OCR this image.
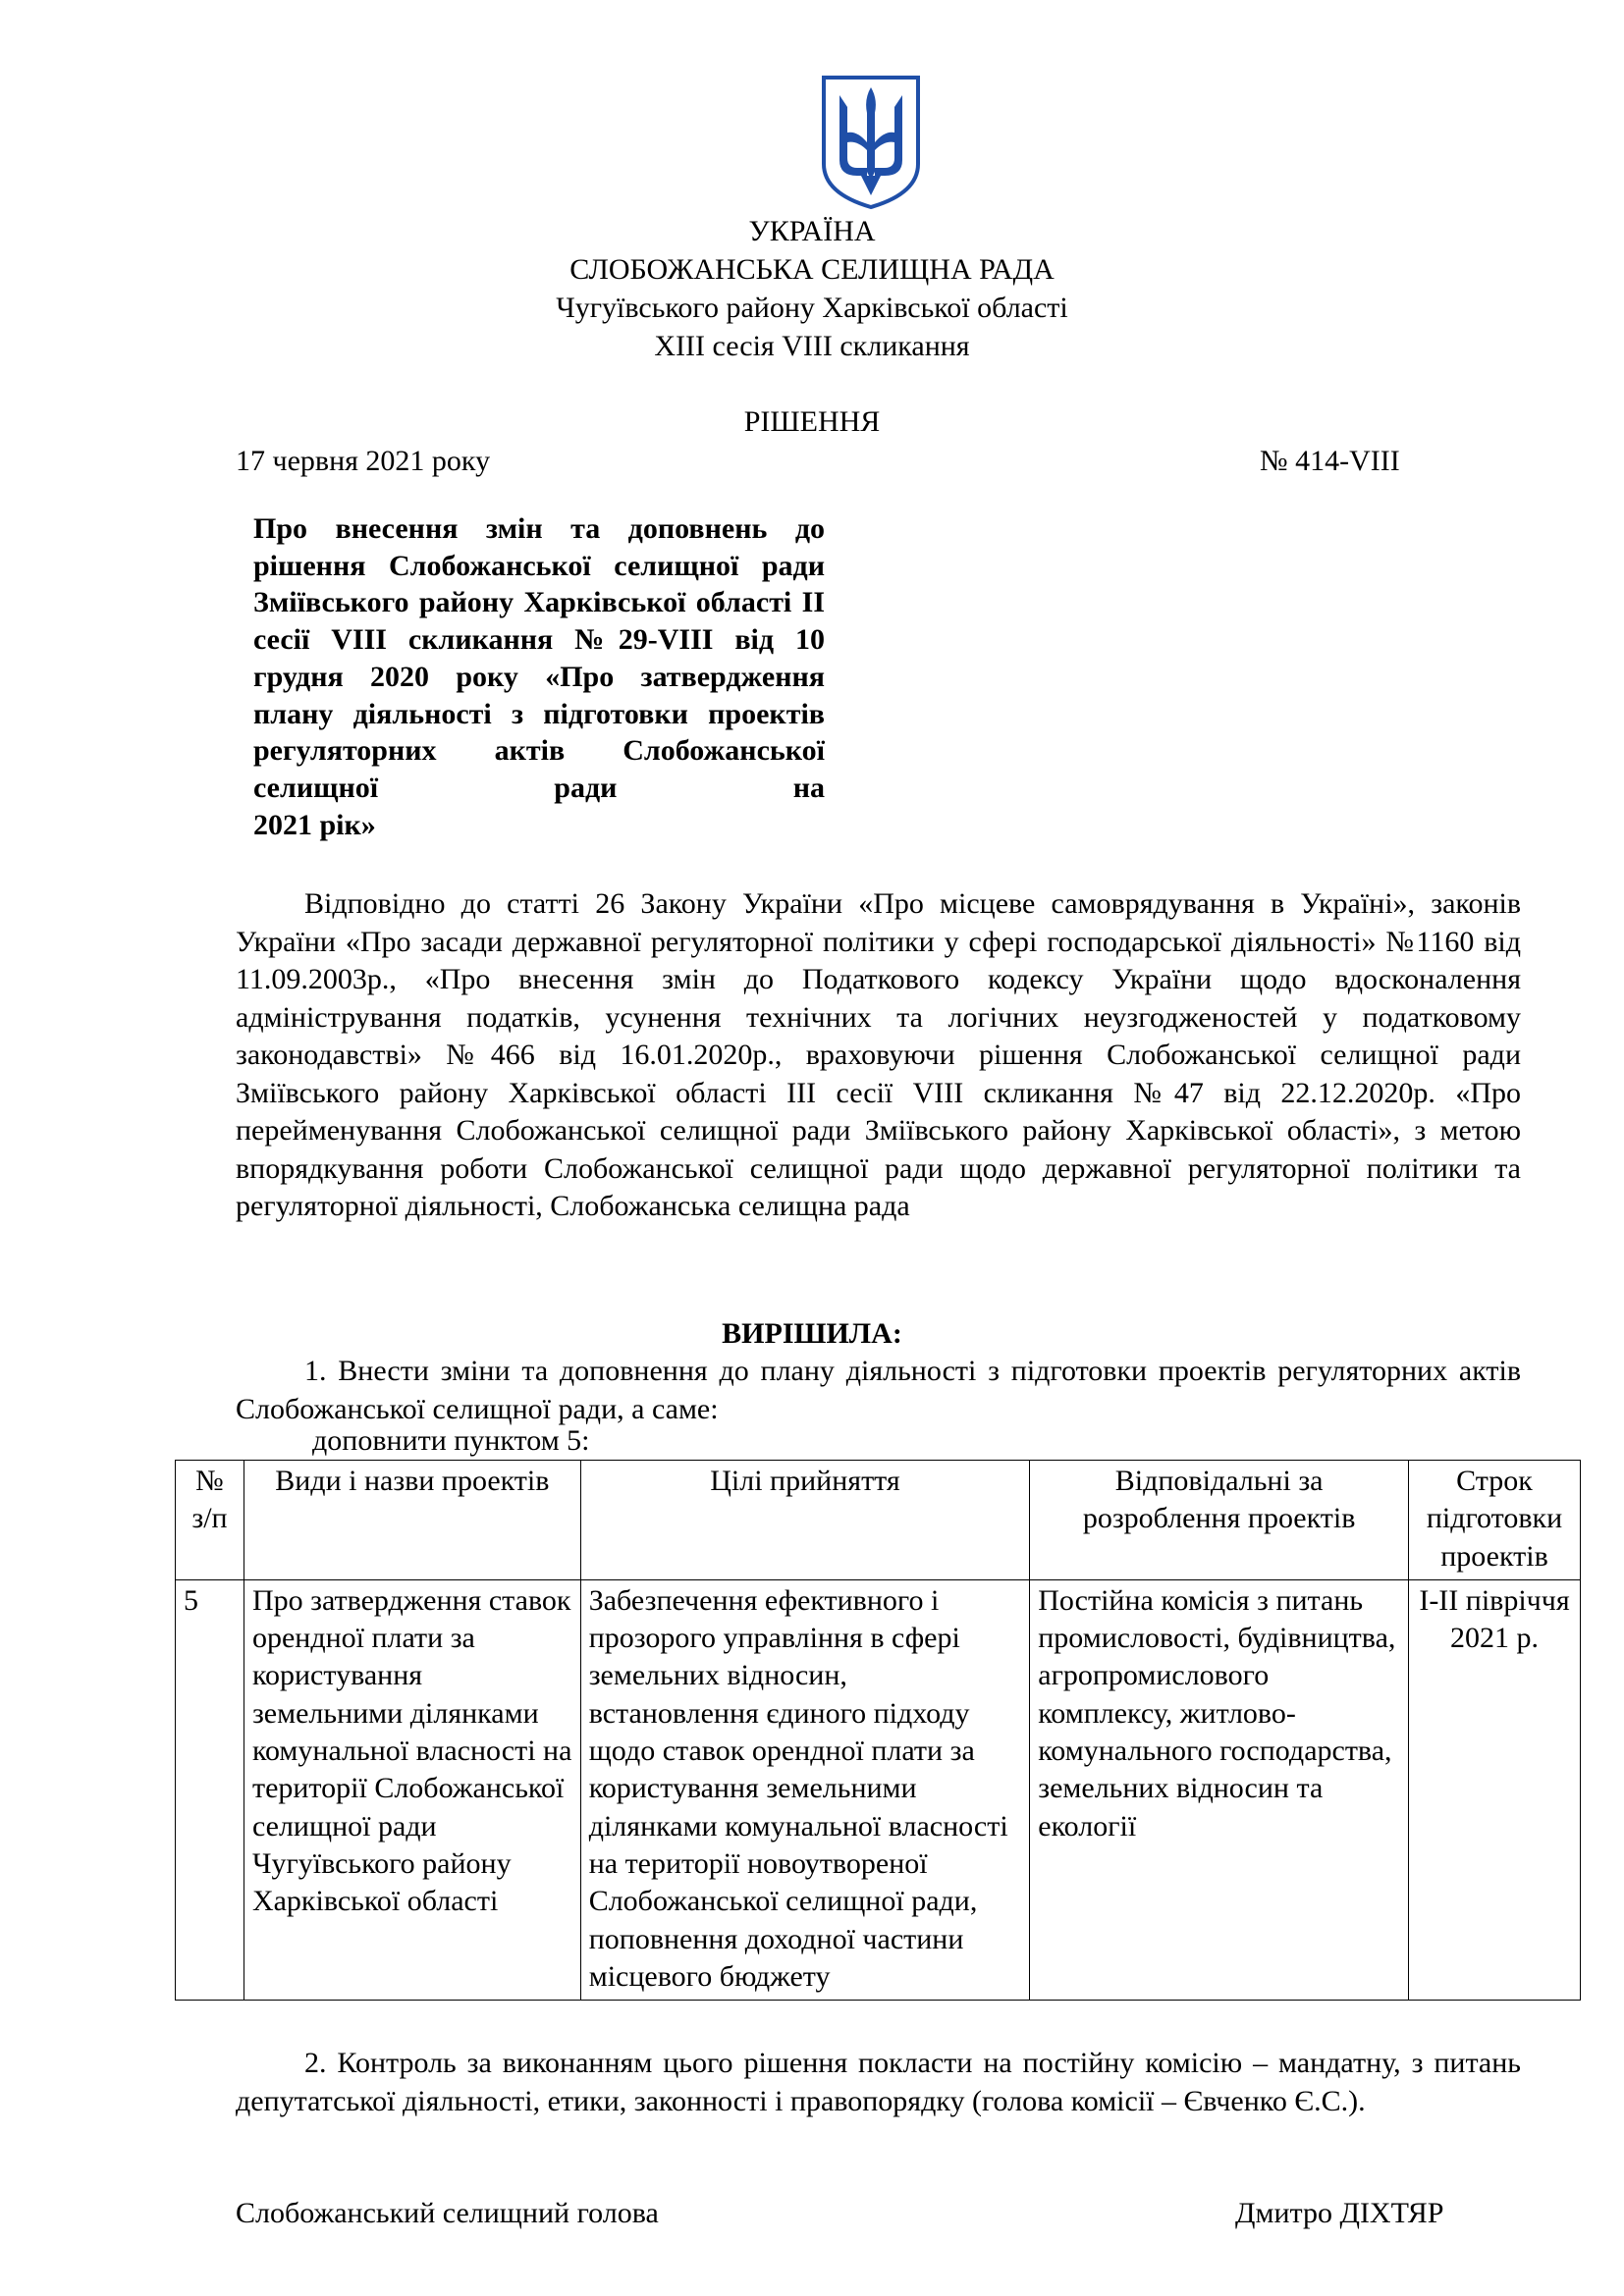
УКРАЇНА
СЛОБОЖАНСЬКА СЕЛИЩНА РАДА
Чугуївського району Харківської області
ХІІІ сесія VIIІ скликання
РІШЕННЯ
17 червня 2021 року	№ 414-VIII
Про внесення змін та доповнень до рішення Слобожанської селищної ради Зміївського району Харківської області ІІ сесії VIII скликання №29-VIII від 10 грудня 2020 року «Про затвердження плану діяльності з підготовки проектів регуляторних актів Слобожанської селищної ради на
2021 рік»
Відповідно до статті 26 Закону України «Про місцеве самоврядування в Україні», законів України «Про засади державної регуляторної політики у сфері господарської діяльності» №1160 від 11.09.2003р., «Про внесення змін до Податкового кодексу України щодо вдосконалення адміністрування податків, усунення технічних та логічних неузгодженостей у податковому законодавстві» №466 від 16.01.2020р., враховуючи рішення Слобожанської селищної ради Зміївського району Харківської області ІІІ сесії VIII скликання №47 від 22.12.2020р. «Про перейменування Слобожанської селищної ради Зміївського району Харківської області», з метою впорядкування роботи Слобожанської селищної ради щодо державної регуляторної політики та регуляторної діяльності, Слобожанська селищна рада
ВИРІШИЛА:
1. Внести зміни та доповнення до плану діяльності з підготовки проектів регуляторних актів Слобожанської селищної ради, а саме:
доповнити пунктом 5:
№ з/п	Види і назви проектів	Цілі прийняття	Відповідальні за розроблення проектів	Строк підготовки проектів
5	Про затвердження ставок орендної плати за користування земельними ділянками комунальної власності на території Слобожанської селищної ради Чугуївського району Харківської області	Забезпечення ефективного і прозорого управління в сфері земельних відносин, встановлення єдиного підходу щодо ставок орендної плати за користування земельними ділянками комунальної власності на території новоутвореної Слобожанської селищної ради, поповнення доходної частини місцевого бюджету	Постійна комісія з питань промисловості, будівництва, агропромислового комплексу, житлово-комунального господарства, земельних відносин та екології	І-ІІ півріччя 2021 р.
2. Контроль за виконанням цього рішення покласти на постійну комісію – мандатну, з питань депутатської діяльності, етики, законності і правопорядку (голова комісії – Євченко Є.С.).
Слобожанський селищний голова	Дмитро ДІХТЯР
